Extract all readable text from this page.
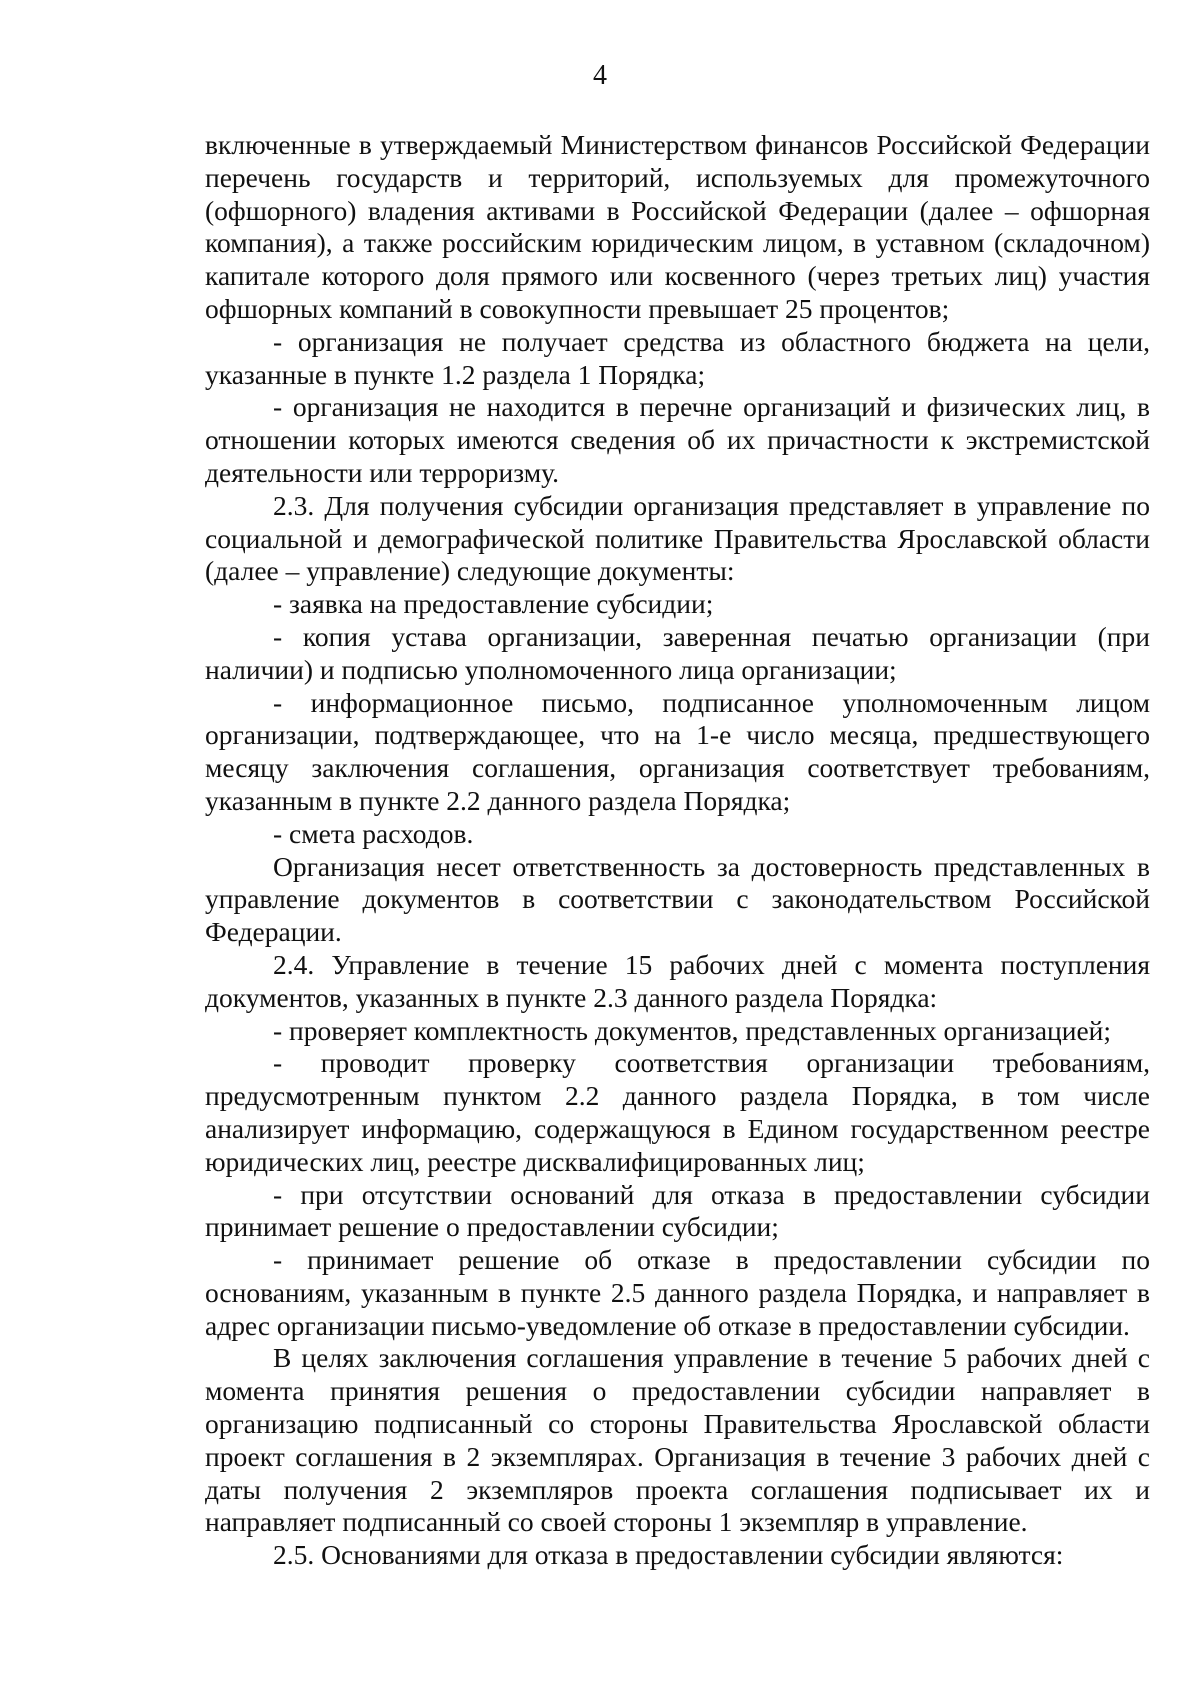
4

включенные в утверждаемый Министерством финансов Российской Федерации перечень государств и территорий, используемых для промежуточного (офшорного) владения активами в Российской Федерации (далее – офшорная компания), а также российским юридическим лицом, в уставном (складочном) капитале которого доля прямого или косвенного (через третьих лиц) участия офшорных компаний в совокупности превышает 25 процентов;

- организация не получает средства из областного бюджета на цели, указанные в пункте 1.2 раздела 1 Порядка;

- организация не находится в перечне организаций и физических лиц, в отношении которых имеются сведения об их причастности к экстремистской деятельности или терроризму.

2.3. Для получения субсидии организация представляет в управление по социальной и демографической политике Правительства Ярославской области (далее – управление) следующие документы:

- заявка на предоставление субсидии;

- копия устава организации, заверенная печатью организации (при наличии) и подписью уполномоченного лица организации;

- информационное письмо, подписанное уполномоченным лицом организации, подтверждающее, что на 1-е число месяца, предшествующего месяцу заключения соглашения, организация соответствует требованиям, указанным в пункте 2.2 данного раздела Порядка;

- смета расходов.

Организация несет ответственность за достоверность представленных в управление документов в соответствии с законодательством Российской Федерации.

2.4. Управление в течение 15 рабочих дней с момента поступления документов, указанных в пункте 2.3 данного раздела Порядка:

- проверяет комплектность документов, представленных организацией;

- проводит проверку соответствия организации требованиям, предусмотренным пунктом 2.2 данного раздела Порядка, в том числе анализирует информацию, содержащуюся в Едином государственном реестре юридических лиц, реестре дисквалифицированных лиц;

- при отсутствии оснований для отказа в предоставлении субсидии принимает решение о предоставлении субсидии;

- принимает решение об отказе в предоставлении субсидии по основаниям, указанным в пункте 2.5 данного раздела Порядка, и направляет в адрес организации письмо-уведомление об отказе в предоставлении субсидии.

В целях заключения соглашения управление в течение 5 рабочих дней с момента принятия решения о предоставлении субсидии направляет в организацию подписанный со стороны Правительства Ярославской области проект соглашения в 2 экземплярах. Организация в течение 3 рабочих дней с даты получения 2 экземпляров проекта соглашения подписывает их и направляет подписанный со своей стороны 1 экземпляр в управление.

2.5. Основаниями для отказа в предоставлении субсидии являются:
